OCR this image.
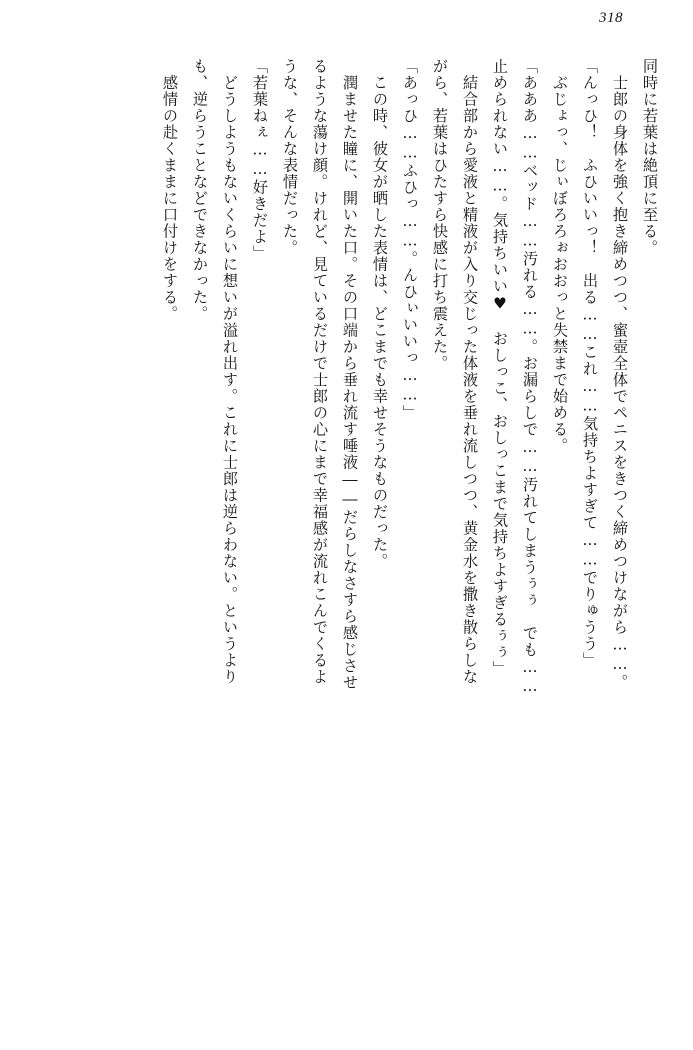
318
同時に若葉は絶頂に至る。
　士郎の身体を強く抱き締めつつ、蜜壺全体でペニスをきつく締めつけながら……。
「んっひ！　ふひいいっ！　出る……これ……気持ちよすぎて……でりゅうう」
　ぶじょっ、じぃぼろろぉおおっと失禁まで始める。
「あああ……ベッド……汚れる……。お漏らしで……汚れてしまうぅぅ　でも……
止められない……。気持ちいい♥　おしっこ、おしっこまで気持ちよすぎるぅぅ」
　結合部から愛液と精液が入り交じった体液を垂れ流しつつ、黄金水を撒き散らしな
がら、若葉はひたすら快感に打ち震えた。
「あっひ……ふひっ……。んひぃいいっ……」
　この時、彼女が晒した表情は、どこまでも幸せそうなものだった。
　潤ませた瞳に、開いた口。その口端から垂れ流す唾液――だらしなさすら感じさせ
るような蕩け顔。けれど、見ているだけで士郎の心にまで幸福感が流れこんでくるよ
うな、そんな表情だった。
「若葉ねぇ……好きだよ」
　どうしようもないくらいに想いが溢れ出す。これに士郎は逆らわない。というより
も、逆らうことなどできなかった。
　感情の赴くままに口付けをする。
